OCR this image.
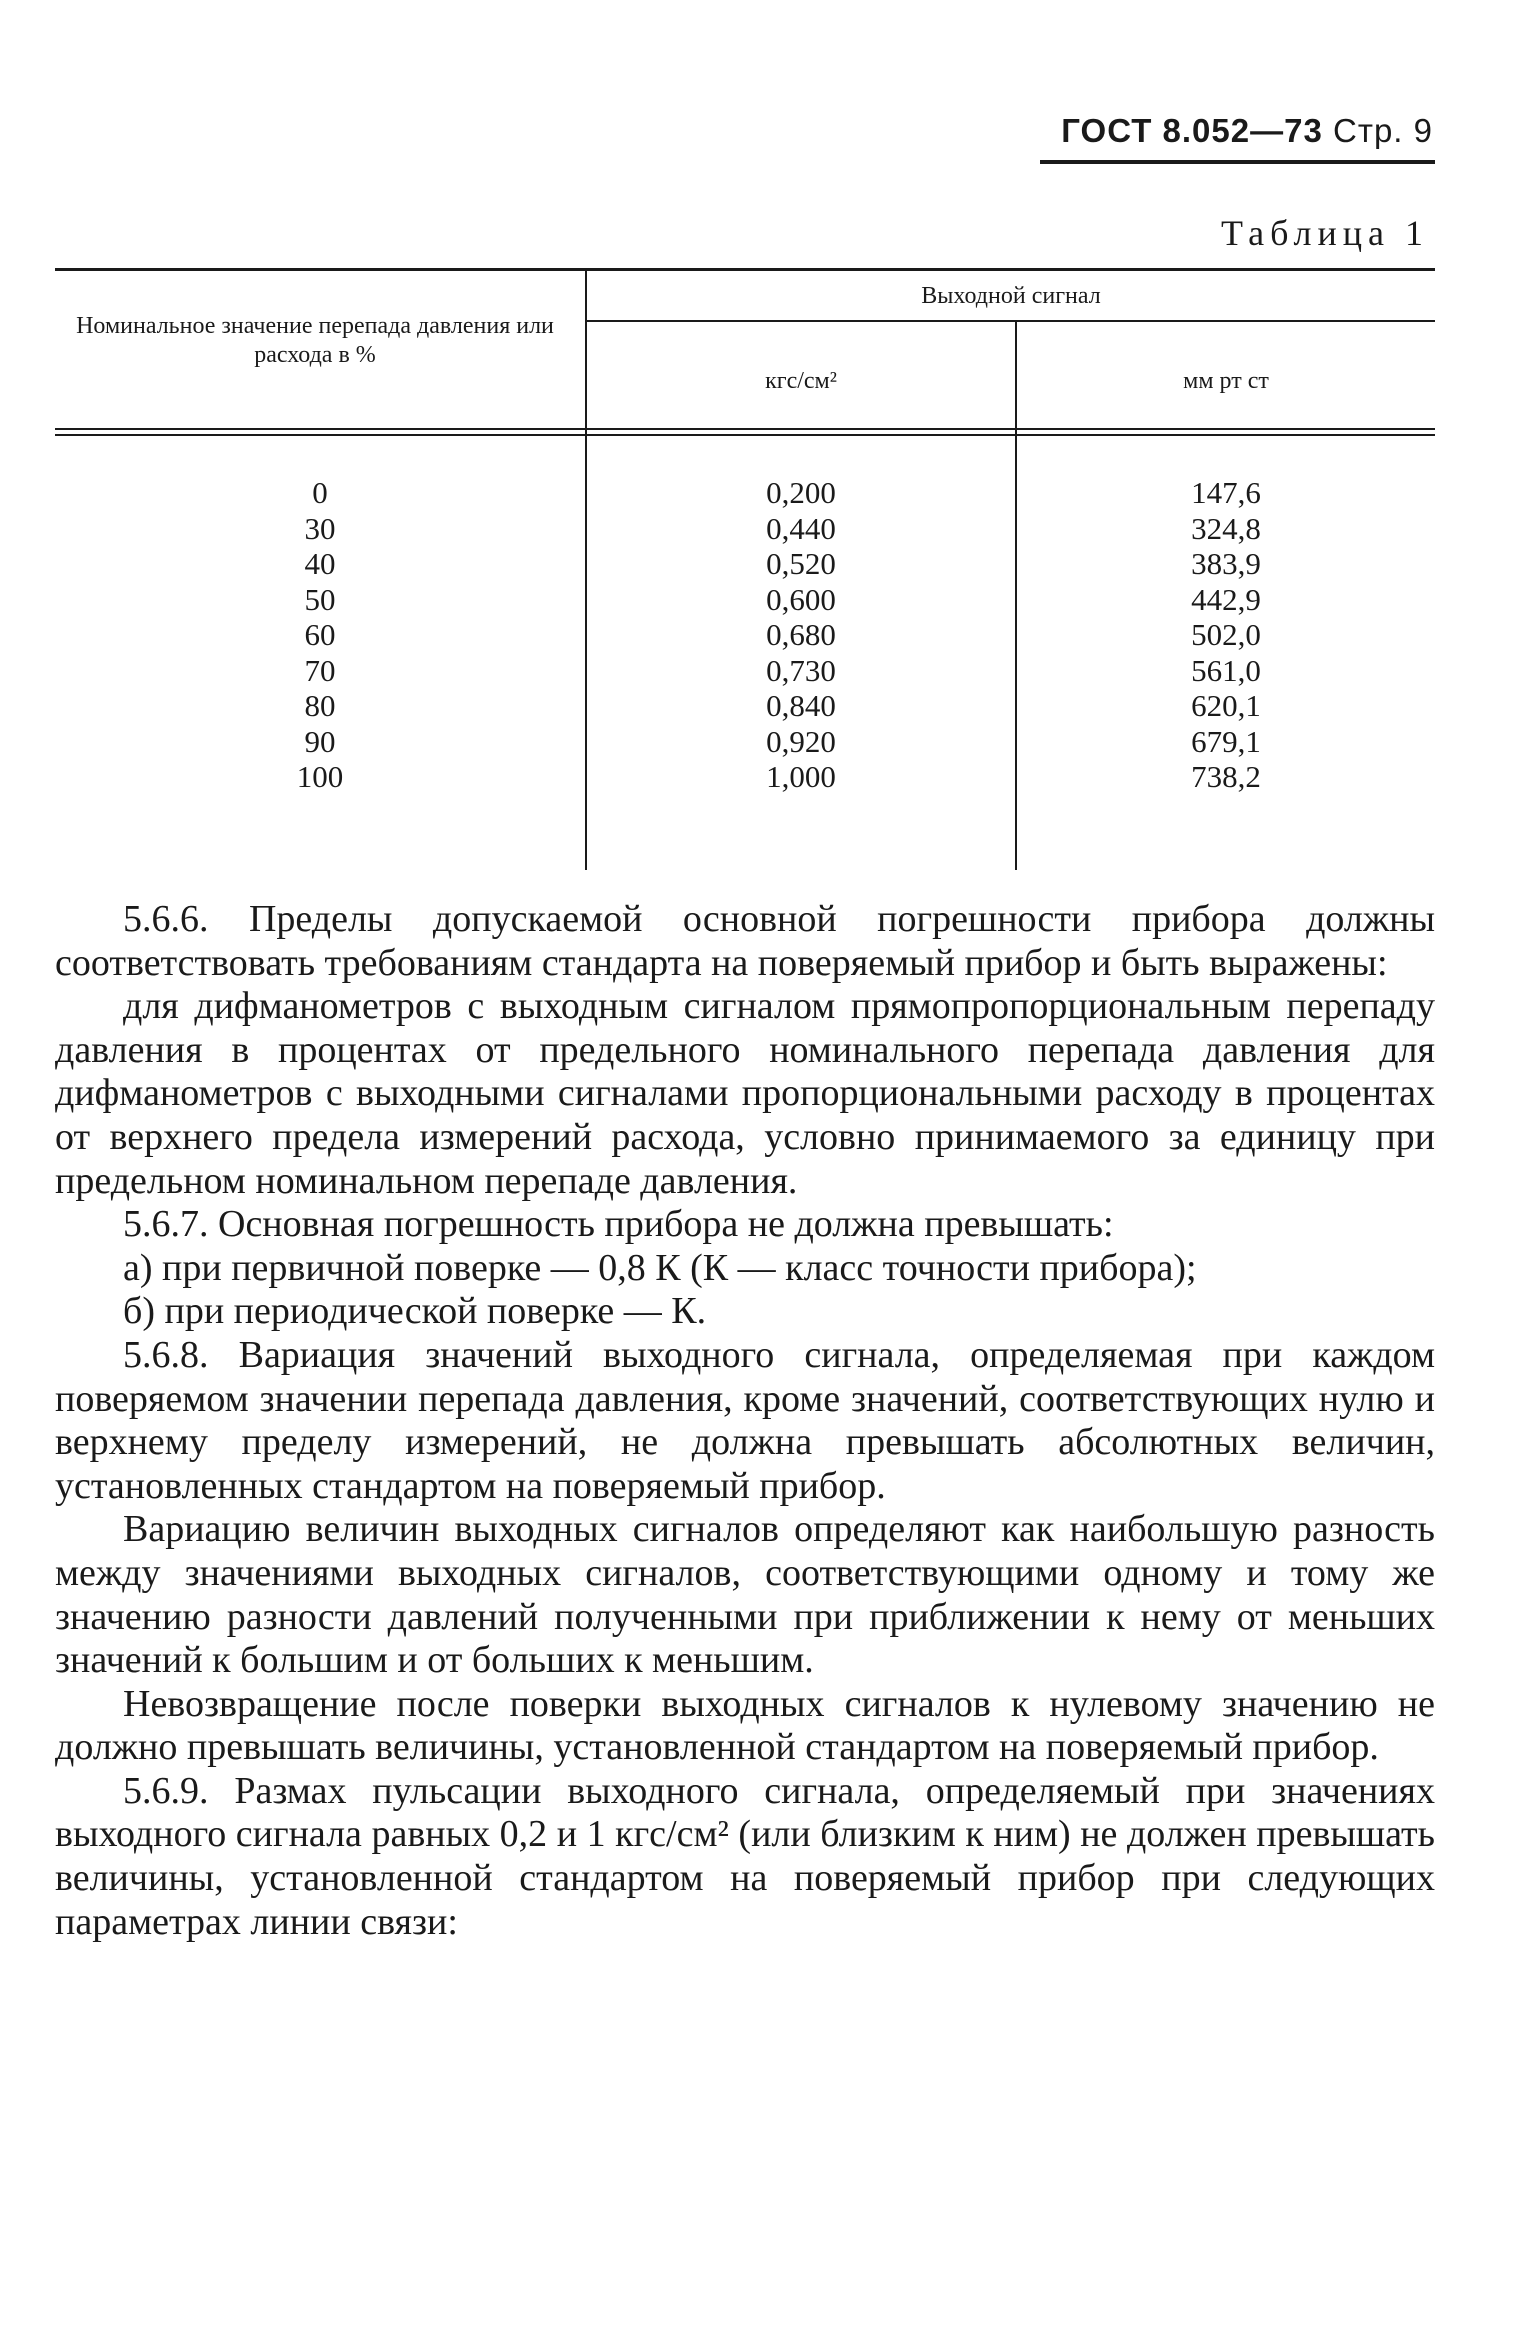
ГОСТ 8.052—73 Стр. 9
Таблица 1
Номинальное значение перепада давления или расхода в %
Выходной сигнал
кгс/см²	мм рт ст
0
30
40
50
60
70
80
90
100
0,200
0,440
0,520
0,600
0,680
0,730
0,840
0,920
1,000
147,6
324,8
383,9
442,9
502,0
561,0
620,1
679,1
738,2

5.6.6. Пределы допускаемой основной погрешности прибора должны соответствовать требованиям стандарта на поверяемый прибор и быть выражены:

для дифманометров с выходным сигналом прямопропорциональным перепаду давления в процентах от предельного номинального перепада давления для дифманометров с выходными сигналами пропорциональными расходу в процентах от верхнего предела измерений расхода, условно принимаемого за единицу при предельном номинальном перепаде давления.

5.6.7. Основная погрешность прибора не должна превышать:

а) при первичной поверке — 0,8 К (К — класс точности прибора);

б) при периодической поверке — К.

5.6.8. Вариация значений выходного сигнала, определяемая при каждом поверяемом значении перепада давления, кроме значений, соответствующих нулю и верхнему пределу измерений, не должна превышать абсолютных величин, установленных стандартом на поверяемый прибор.

Вариацию величин выходных сигналов определяют как наибольшую разность между значениями выходных сигналов, соответствующими одному и тому же значению разности давлений полученными при приближении к нему от меньших значений к большим и от больших к меньшим.

Невозвращение после поверки выходных сигналов к нулевому значению не должно превышать величины, установленной стандартом на поверяемый прибор.

5.6.9. Размах пульсации выходного сигнала, определяемый при значениях выходного сигнала равных 0,2 и 1 кгс/см² (или близким к ним) не должен превышать величины, установленной стандартом на поверяемый прибор при следующих параметрах линии связи:
